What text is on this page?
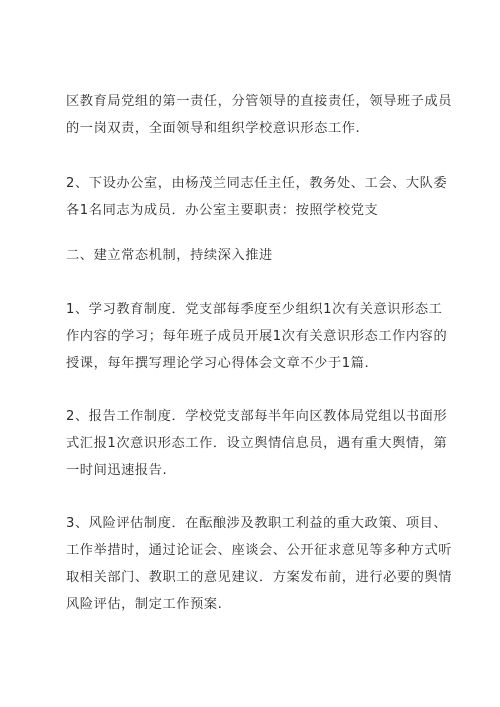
区教育局党组的第一责任，分管领导的直接责任，领导班子成员
的一岗双责，全面领导和组织学校意识形态工作.

2、下设办公室，由杨茂兰同志任主任，教务处、工会、大队委
各1名同志为成员．办公室主要职责：按照学校党支

二、建立常态机制，持续深入推进

1、学习教育制度．党支部每季度至少组织1次有关意识形态工
作内容的学习；每年班子成员开展1次有关意识形态工作内容的
授课，每年撰写理论学习心得体会文章不少于1篇.

2、报告工作制度．学校党支部每半年向区教体局党组以书面形
式汇报1次意识形态工作．设立舆情信息员，遇有重大舆情，第
一时间迅速报告.

3、风险评估制度．在酝酿涉及教职工利益的重大政策、项目、
工作举措时，通过论证会、座谈会、公开征求意见等多种方式听
取相关部门、教职工的意见建议．方案发布前，进行必要的舆情
风险评估，制定工作预案.
